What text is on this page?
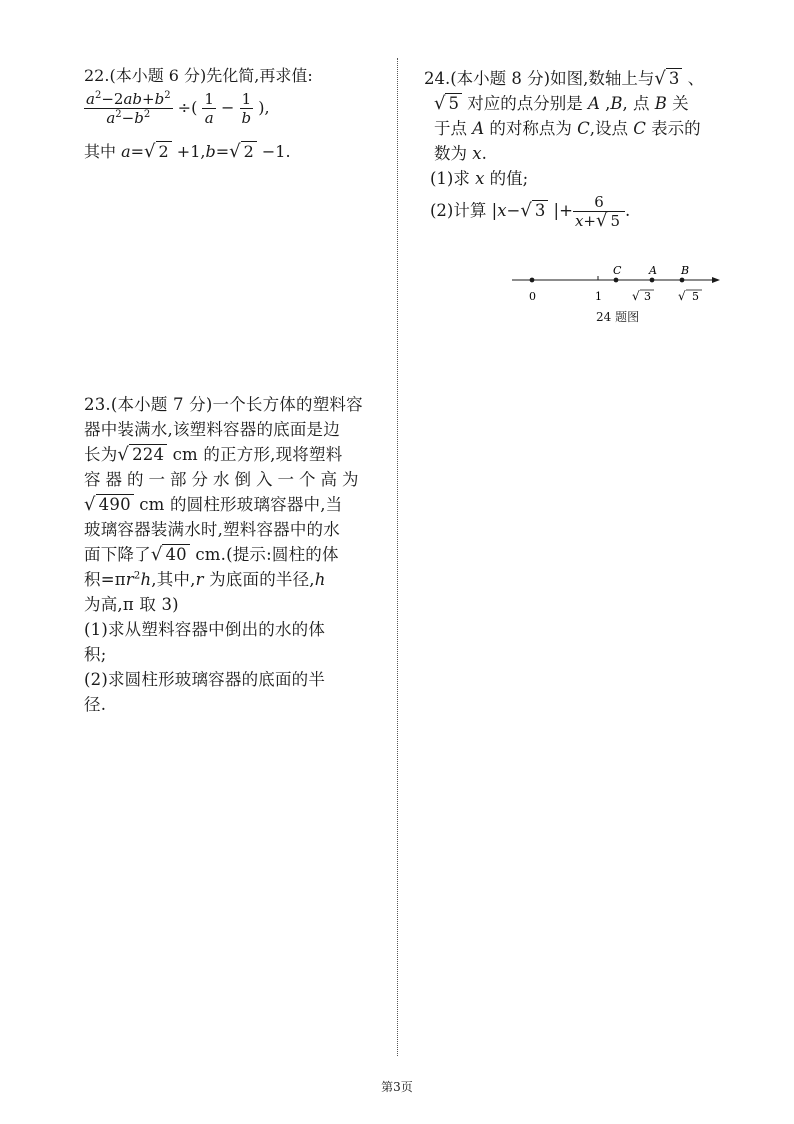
22.(本小题 6 分)先化简,再求值:

$\frac{a^2-2ab+b^2}{a^2-b^2}$ ÷( $\frac{1}{a} - \frac{1}{b}$ ),

其中 a=√ 2 +1,b=√ 2 −1.

23.(本小题 7 分)一个长方体的塑料容

器中装满水,该塑料容器的底面是边

长为√ 224 cm 的正方形,现将塑料

容器的一部分水倒入一个高为

√ 490 cm 的圆柱形玻璃容器中,当

玻璃容器装满水时,塑料容器中的水

面下降了√ 40 cm.(提示:圆柱的体

积$=\pi r^2h$,其中,r 为底面的半径,h

为高,π 取 3)

(1)求从塑料容器中倒出的水的体

积;

(2)求圆柱形玻璃容器的底面的半

径.

24.(本小题 8 分)如图,数轴上与√ 3 、

√ 5 对应的点分别是 A ,B, 点 B 关

于点 A 的对称点为 C,设点 C 表示的

数为 x.

(1)求 x 的值;

(2)计算 |x−√ 3 |+ $\frac{6}{x+√ 5}$ .
C	A B
0	1	√ 3 √ 5
24 题图
第3页
